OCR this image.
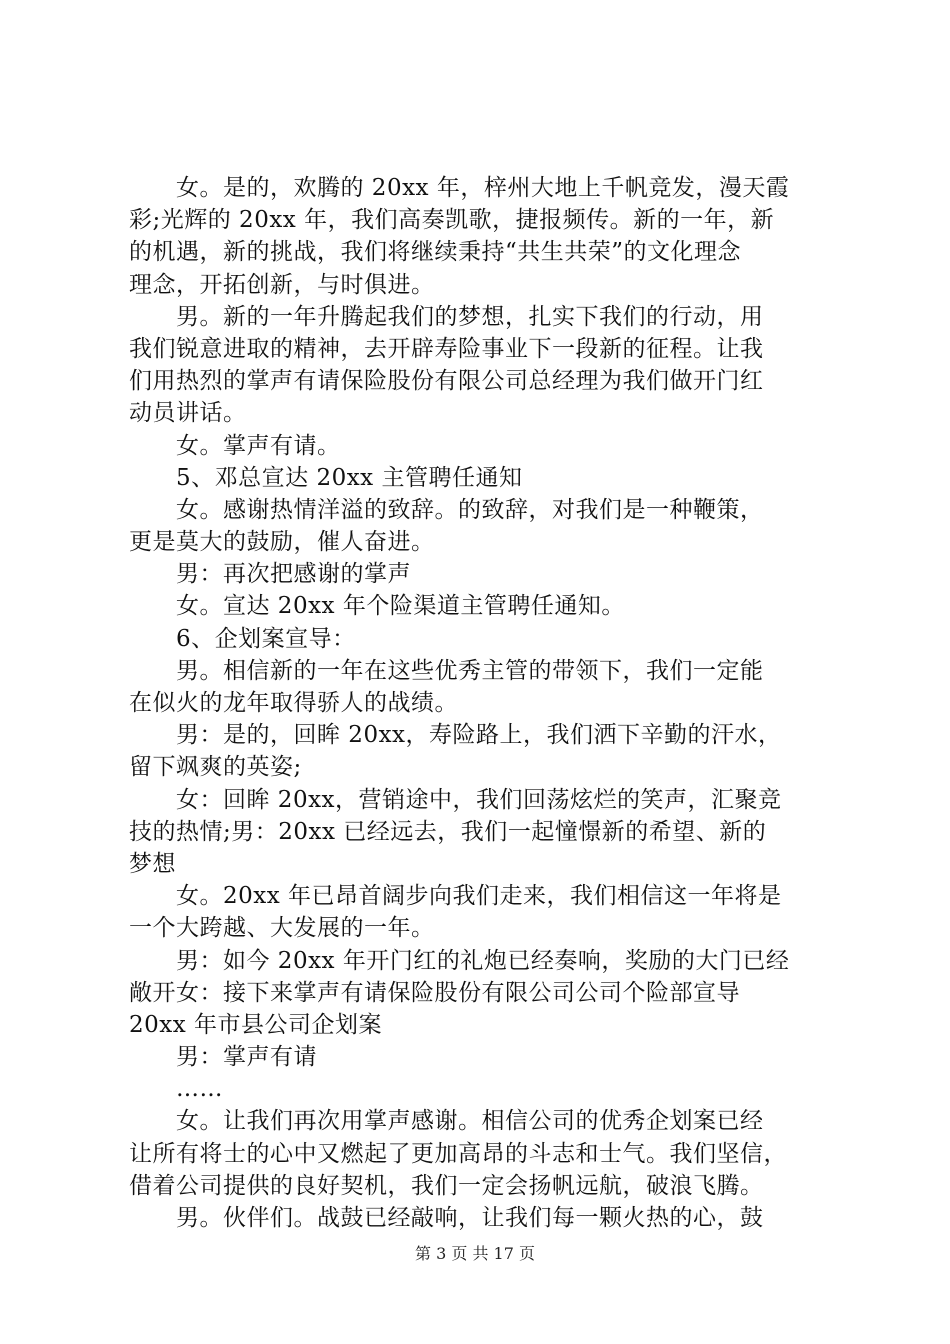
女。是的，欢腾的 20xx 年，梓州大地上千帆竞发，漫天霞
彩;光辉的 20xx 年，我们高奏凯歌，捷报频传。新的一年，新
的机遇，新的挑战，我们将继续秉持“共生共荣”的文化理念
理念，开拓创新，与时俱进。
男。新的一年升腾起我们的梦想，扎实下我们的行动，用
我们锐意进取的精神，去开辟寿险事业下一段新的征程。让我
们用热烈的掌声有请保险股份有限公司总经理为我们做开门红
动员讲话。
女。掌声有请。
5、邓总宣达 20xx 主管聘任通知
女。感谢热情洋溢的致辞。的致辞，对我们是一种鞭策，
更是莫大的鼓励，催人奋进。
男：再次把感谢的掌声
女。宣达 20xx 年个险渠道主管聘任通知。
6、企划案宣导：
男。相信新的一年在这些优秀主管的带领下，我们一定能
在似火的龙年取得骄人的战绩。
男：是的，回眸 20xx，寿险路上，我们洒下辛勤的汗水，
留下飒爽的英姿;
女：回眸 20xx，营销途中，我们回荡炫烂的笑声，汇聚竞
技的热情;男：20xx 已经远去，我们一起憧憬新的希望、新的
梦想
女。20xx 年已昂首阔步向我们走来，我们相信这一年将是
一个大跨越、大发展的一年。
男：如今 20xx 年开门红的礼炮已经奏响，奖励的大门已经
敞开女：接下来掌声有请保险股份有限公司公司个险部宣导
20xx 年市县公司企划案
男：掌声有请
……
女。让我们再次用掌声感谢。相信公司的优秀企划案已经
让所有将士的心中又燃起了更加高昂的斗志和士气。我们坚信，
借着公司提供的良好契机，我们一定会扬帆远航，破浪飞腾。
男。伙伴们。战鼓已经敲响，让我们每一颗火热的心，鼓
第 3 页 共 17 页
